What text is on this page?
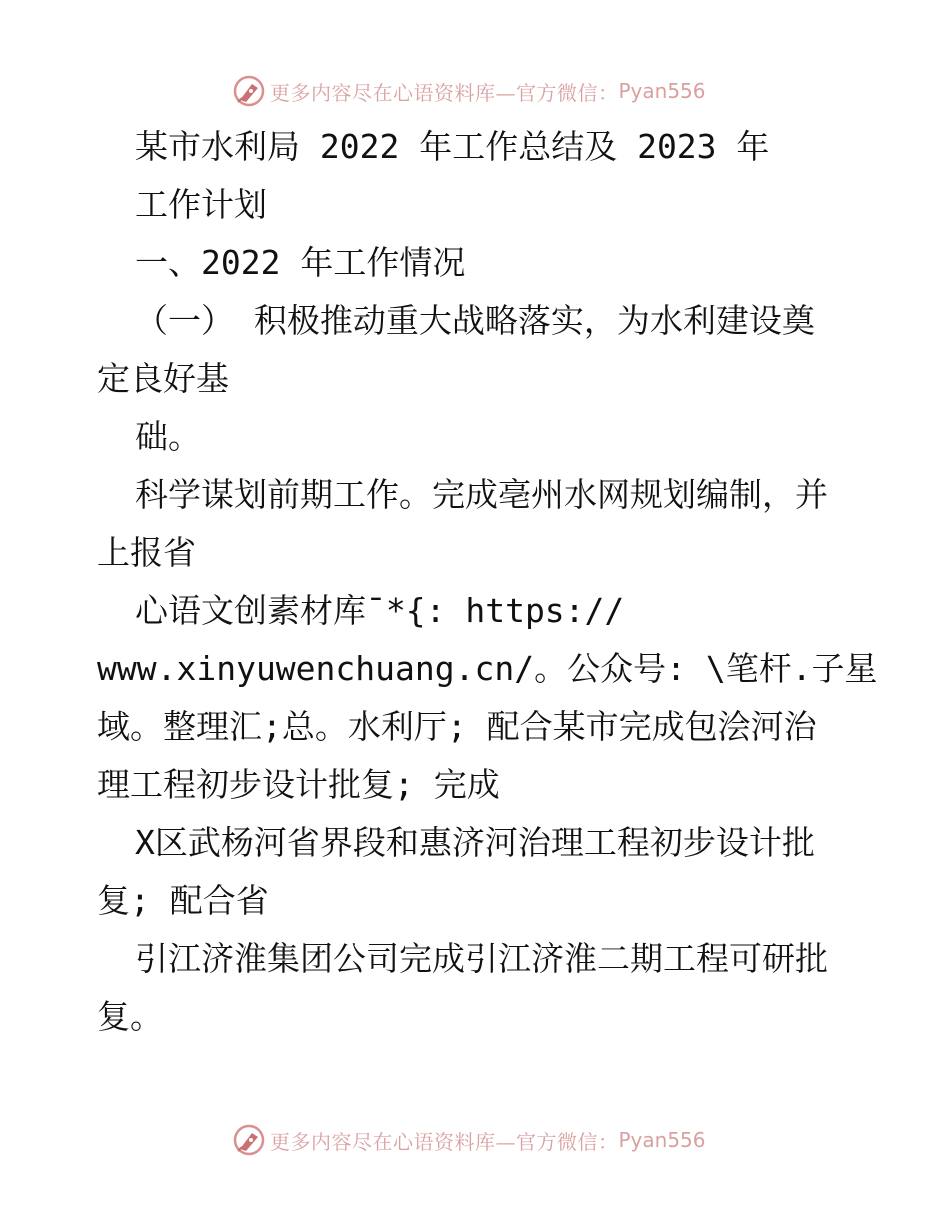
更多内容尽在心语资料库—官方微信： Pyan556
某市水利局 2022 年工作总结及 2023 年
工作计划
一、2022 年工作情况
（一） 积极推动重大战略落实，为水利建设奠
定良好基
础。
科学谋划前期工作。完成亳州水网规划编制，并
上报省
心语文创素材库¯*{: https://
www.xinyuwenchuang.cn/。公众号: \笔杆.子星
域。整理汇;总。水利厅; 配合某市完成包浍河治
理工程初步设计批复; 完成
X区武杨河省界段和惠济河治理工程初步设计批
复; 配合省
引江济淮集团公司完成引江济淮二期工程可研批
复。
更多内容尽在心语资料库—官方微信： Pyan556
